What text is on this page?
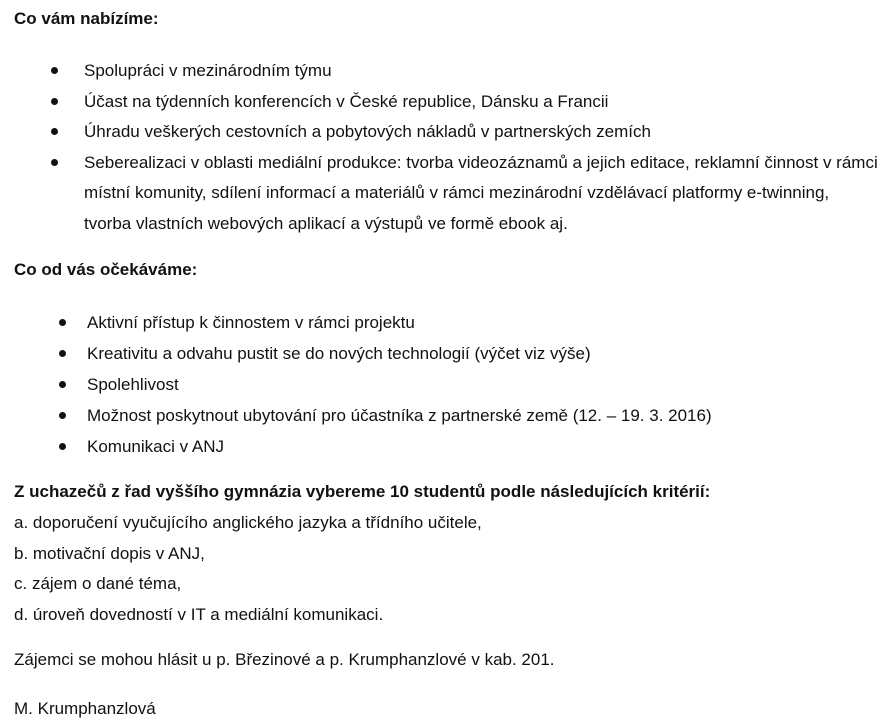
Co vám nabízíme:
Spolupráci v mezinárodním týmu
Účast na týdenních konferencích v České republice, Dánsku a Francii
Úhradu veškerých cestovních a pobytových nákladů v partnerských zemích
Seberealizaci v oblasti mediální produkce: tvorba videozáznamů a jejich editace, reklamní činnost v rámci místní komunity, sdílení informací a materiálů v rámci mezinárodní vzdělávací platformy e-twinning, tvorba vlastních webových aplikací a výstupů ve formě ebook aj.
Co od vás očekáváme:
Aktivní přístup k činnostem v rámci projektu
Kreativitu a odvahu pustit se do nových technologií (výčet viz výše)
Spolehlivost
Možnost poskytnout ubytování pro účastníka z partnerské země (12. – 19. 3. 2016)
Komunikaci v ANJ
Z uchazečů z řad vyššího gymnázia vybereme 10 studentů podle následujících kritérií:
a. doporučení vyučujícího anglického jazyka a třídního učitele,
b. motivační dopis v ANJ,
c. zájem o dané téma,
d. úroveň dovedností v IT a mediální komunikaci.
Zájemci se mohou hlásit u p. Březinové a p. Krumphanzlové v kab. 201.
M. Krumphanzlová
